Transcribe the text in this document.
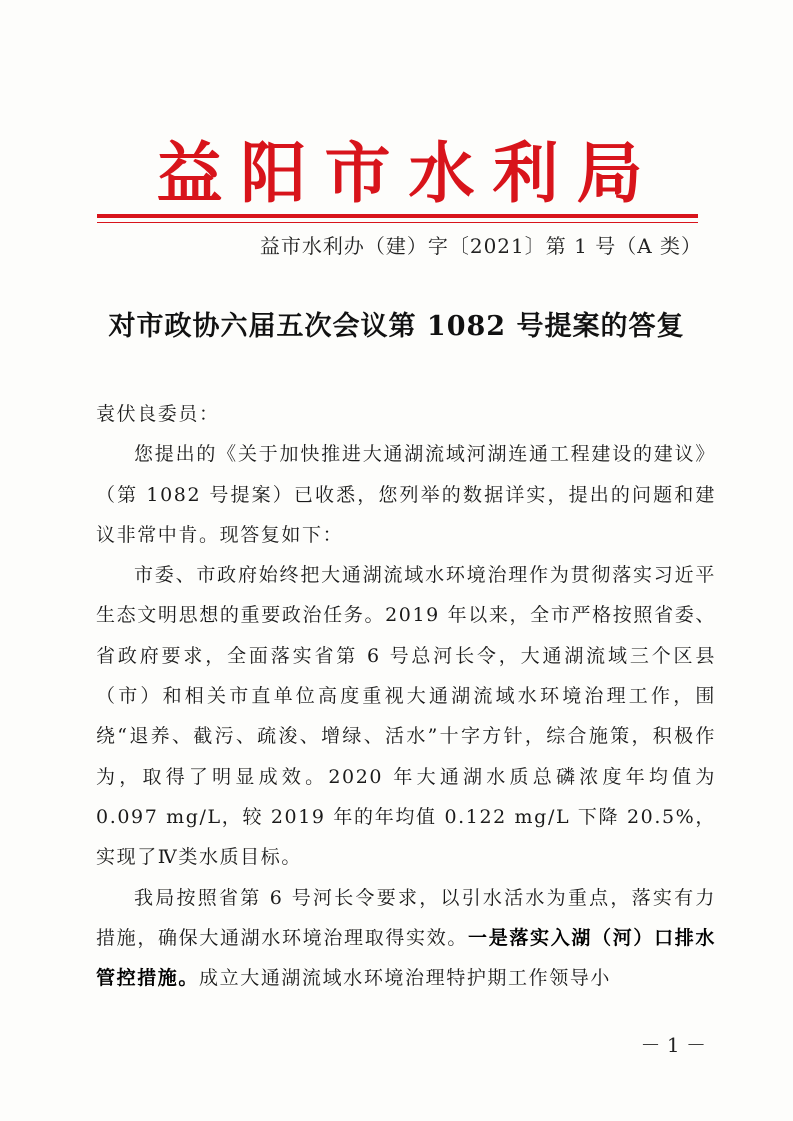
益阳市水利局
益市水利办（建）字〔2021〕第 1 号（A 类）
对市政协六届五次会议第 1082 号提案的答复

袁伏良委员：

您提出的《关于加快推进大通湖流域河湖连通工程建设的建议》（第 1082 号提案）已收悉，您列举的数据详实，提出的问题和建议非常中肯。现答复如下：

市委、市政府始终把大通湖流域水环境治理作为贯彻落实习近平生态文明思想的重要政治任务。2019 年以来，全市严格按照省委、省政府要求，全面落实省第 6 号总河长令，大通湖流域三个区县（市）和相关市直单位高度重视大通湖流域水环境治理工作，围绕“退养、截污、疏浚、增绿、活水”十字方针，综合施策，积极作为，取得了明显成效。2020 年大通湖水质总磷浓度年均值为 0.097 mg/L，较 2019 年的年均值 0.122 mg/L 下降 20.5%，实现了Ⅳ类水质目标。

我局按照省第 6 号河长令要求，以引水活水为重点，落实有力措施，确保大通湖水环境治理取得实效。一是落实入湖（河）口排水管控措施。成立大通湖流域水环境治理特护期工作领导小

－ 1 －
